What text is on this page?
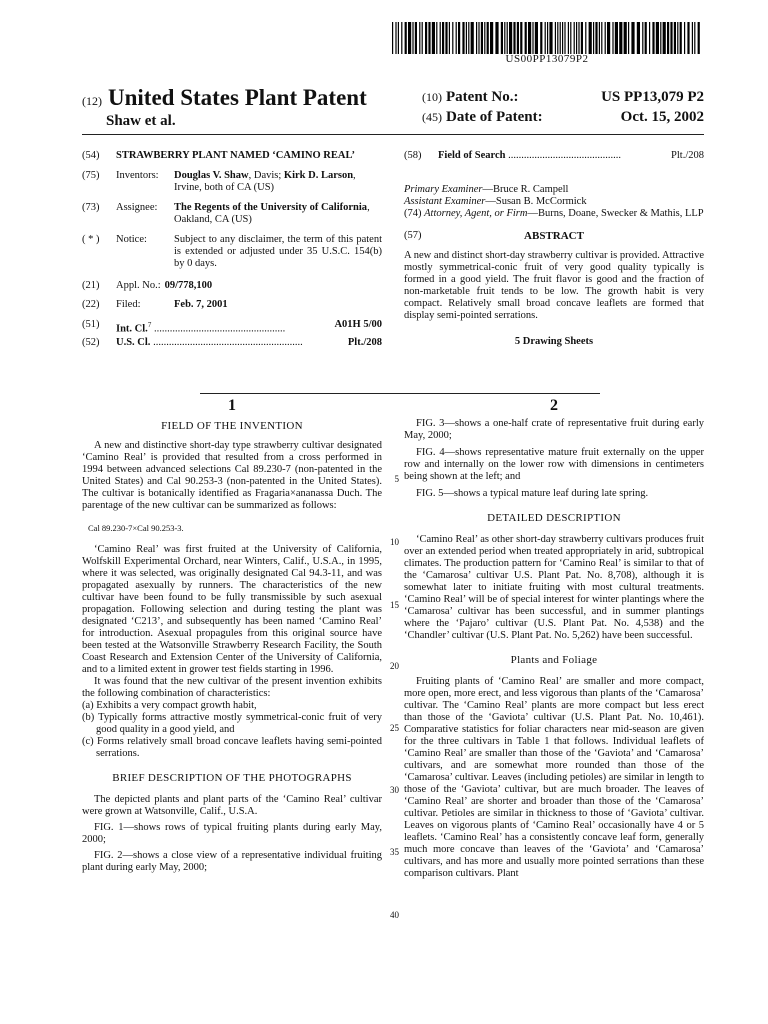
US00PP13079P2
(12) United States Plant Patent
Shaw et al.
(10) Patent No.:	US PP13,079 P2
(45) Date of Patent:	Oct. 15, 2002
(54)	STRAWBERRY PLANT NAMED ‘CAMINO REAL’
(75)	Inventors:	Douglas V. Shaw, Davis; Kirk D. Larson, Irvine, both of CA (US)
(73)	Assignee:	The Regents of the University of California, Oakland, CA (US)
( * )	Notice:	Subject to any disclaimer, the term of this patent is extended or adjusted under 35 U.S.C. 154(b) by 0 days.
(21)	Appl. No.: 09/778,100
(22)	Filed:	Feb. 7, 2001
(51)	Int. Cl.$^7$ ..................................................	A01H 5/00
(52)	U.S. Cl. .........................................................	Plt./208
(58)	Field of Search ...........................................	Plt./208
Primary Examiner—Bruce R. Campell
Assistant Examiner—Susan B. McCormick
(74) Attorney, Agent, or Firm—Burns, Doane, Swecker & Mathis, LLP
(57)	ABSTRACT

A new and distinct short-day strawberry cultivar is provided. Attractive mostly symmetrical-conic fruit of very good quality typically is formed in a good yield. The fruit flavor is good and the fraction of non-marketable fruit tends to be low. The growth habit is very compact. Relatively small broad concave leaflets are formed that display semi-pointed serrations.

5 Drawing Sheets
1
FIELD OF THE INVENTION

A new and distinctive short-day type strawberry cultivar designated ‘Camino Real’ is provided that resulted from a cross performed in 1994 between advanced selections Cal 89.230-7 (non-patented in the United States) and Cal 90.253-3 (non-patented in the United States). The cultivar is botanically identified as Fragaria×ananassa Duch. The parentage of the new cultivar can be summarized as follows:

Cal 89.230-7×Cal 90.253-3.

‘Camino Real’ was first fruited at the University of California, Wolfskill Experimental Orchard, near Winters, Calif., U.S.A., in 1995, where it was selected, was originally designated Cal 94.3-11, and was propagated asexually by runners. The characteristics of the new cultivar have been found to be fully transmissible by such asexual propagation. Following selection and during testing the plant was designated ‘C213’, and subsequently has been named ‘Camino Real’ for introduction. Asexual propagules from this original source have been tested at the Watsonville Strawberry Research Facility, the South Coast Research and Extension Center of the University of California, and to a limited extent in grower test fields starting in 1996.

It was found that the new cultivar of the present invention exhibits the following combination of characteristics:

(a) Exhibits a very compact growth habit,
(b) Typically forms attractive mostly symmetrical-conic fruit of very good quality in a good yield, and
(c) Forms relatively small broad concave leaflets having semi-pointed serrations.
BRIEF DESCRIPTION OF THE PHOTOGRAPHS

The depicted plants and plant parts of the ‘Camino Real’ cultivar were grown at Watsonville, Calif., U.S.A.

FIG. 1—shows rows of typical fruiting plants during early May, 2000;

FIG. 2—shows a close view of a representative individual fruiting plant during early May, 2000;

5
10
15
20
25
30
35
40
2

FIG. 3—shows a one-half crate of representative fruit during early May, 2000;

FIG. 4—shows representative mature fruit externally on the upper row and internally on the lower row with dimensions in centimeters being shown at the left; and

FIG. 5—shows a typical mature leaf during late spring.

DETAILED DESCRIPTION

‘Camino Real’ as other short-day strawberry cultivars produces fruit over an extended period when treated appropriately in arid, subtropical climates. The production pattern for ‘Camino Real’ is similar to that of the ‘Camarosa’ cultivar U.S. Plant Pat. No. 8,708), although it is somewhat later to initiate fruiting with most cultural treatments. ‘Camino Real’ will be of special interest for winter plantings where the ‘Camarosa’ cultivar has been successful, and in summer plantings where the ‘Pajaro’ cultivar (U.S. Plant Pat. No. 4,538) and the ‘Chandler’ cultivar (U.S. Plant Pat. No. 5,262) have been successful.

Plants and Foliage

Fruiting plants of ‘Camino Real’ are smaller and more compact, more open, more erect, and less vigorous than plants of the ‘Camarosa’ cultivar. The ‘Camino Real’ plants are more compact but less erect than those of the ‘Gaviota’ cultivar (U.S. Plant Pat. No. 10,461). Comparative statistics for foliar characters near mid-season are given for the three cultivars in Table 1 that follows. Individual leaflets of ‘Camino Real’ are smaller than those of the ‘Gaviota’ and ‘Camarosa’ cultivars, and are somewhat more rounded than those of the ‘Camarosa’ cultivar. Leaves (including petioles) are similar in length to those of the ‘Gaviota’ cultivar, but are much broader. The leaves of ‘Camino Real’ are shorter and broader than those of the ‘Camarosa’ cultivar. Petioles are similar in thickness to those of ‘Gaviota’ cultivar. Leaves on vigorous plants of ‘Camino Real’ occasionally have 4 or 5 leaflets. ‘Camino Real’ has a consistently concave leaf form, generally much more concave than leaves of the ‘Gaviota’ and ‘Camarosa’ cultivars, and has more and usually more pointed serrations than these comparison cultivars. Plant
